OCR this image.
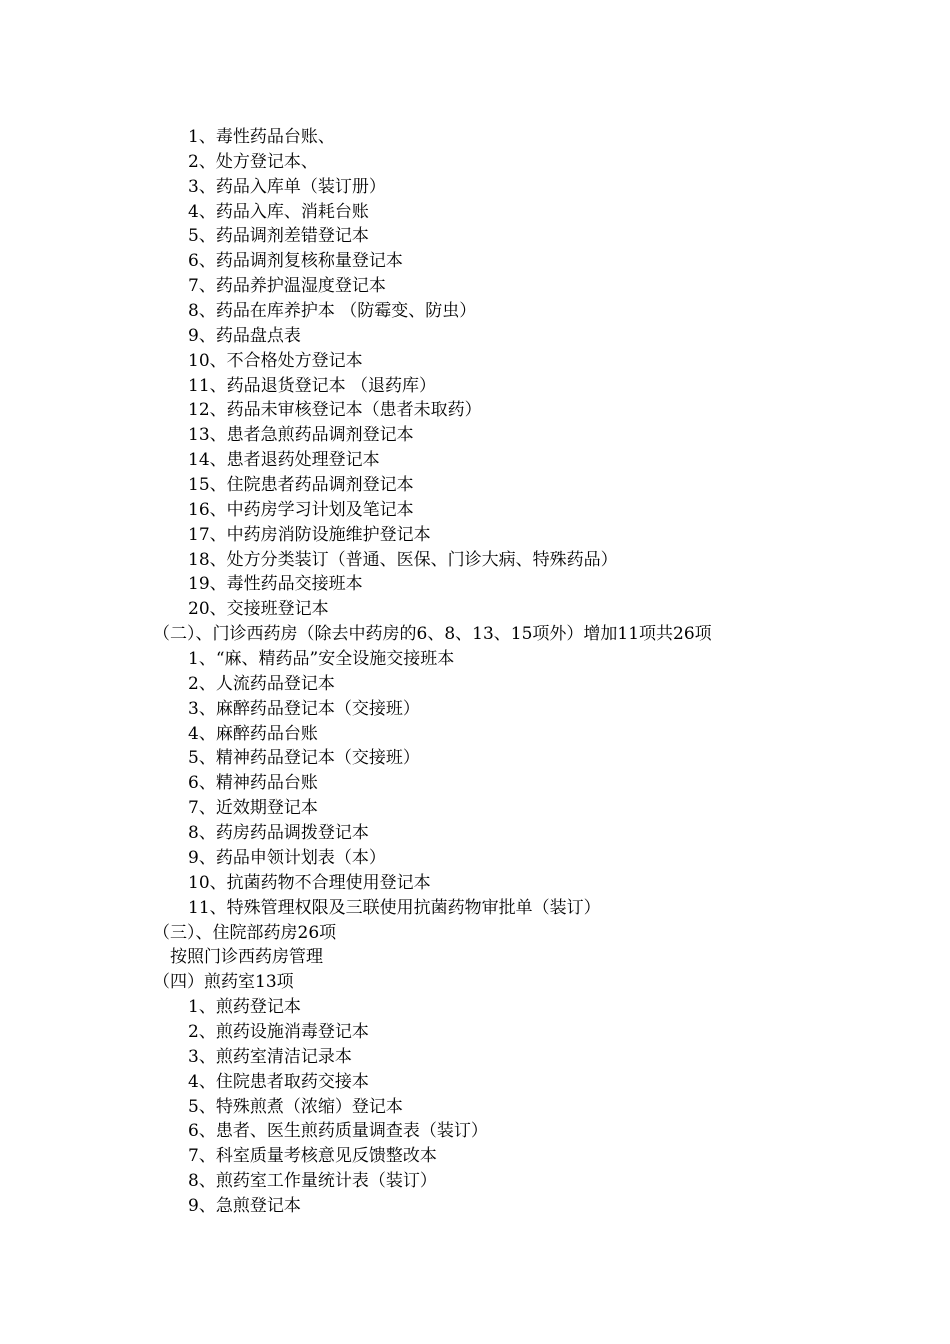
1、毒性药品台账、
2、处方登记本、
3、药品入库单（装订册）
4、药品入库、消耗台账
5、药品调剂差错登记本
6、药品调剂复核称量登记本
7、药品养护温湿度登记本
8、药品在库养护本 （防霉变、防虫）
9、药品盘点表
10、不合格处方登记本
11、药品退货登记本 （退药库）
12、药品未审核登记本（患者未取药）
13、患者急煎药品调剂登记本
14、患者退药处理登记本
15、住院患者药品调剂登记本
16、中药房学习计划及笔记本
17、中药房消防设施维护登记本
18、处方分类装订（普通、医保、门诊大病、特殊药品）
19、毒性药品交接班本
20、交接班登记本
（二）、门诊西药房（除去中药房的6、8、13、15项外）增加11项共26项
1、“麻、精药品”安全设施交接班本
2、人流药品登记本
3、麻醉药品登记本（交接班）
4、麻醉药品台账
5、精神药品登记本（交接班）
6、精神药品台账
7、近效期登记本
8、药房药品调拨登记本
9、药品申领计划表（本）
10、抗菌药物不合理使用登记本
11、特殊管理权限及三联使用抗菌药物审批单（装订）
（三）、住院部药房26项
按照门诊西药房管理
（四）煎药室13项
1、煎药登记本
2、煎药设施消毒登记本
3、煎药室清洁记录本
4、住院患者取药交接本
5、特殊煎煮（浓缩）登记本
6、患者、医生煎药质量调查表（装订）
7、科室质量考核意见反馈整改本
8、煎药室工作量统计表（装订）
9、急煎登记本
